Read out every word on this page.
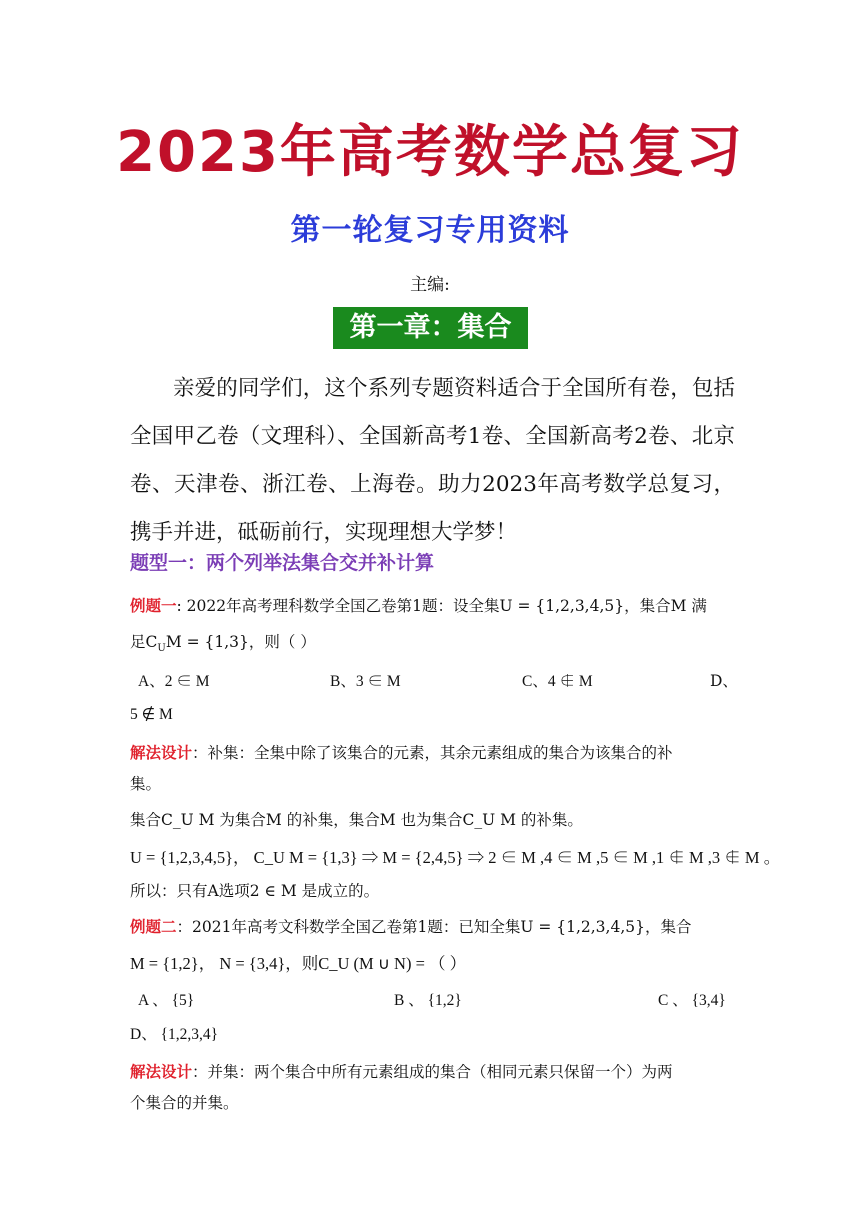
2023年高考数学总复习
第一轮复习专用资料
主编:
第一章：集合
亲爱的同学们，这个系列专题资料适合于全国所有卷，包括全国甲乙卷（文理科）、全国新高考1卷、全国新高考2卷、北京卷、天津卷、浙江卷、上海卷。助力2023年高考数学总复习，携手并进，砥砺前行，实现理想大学梦！
题型一：两个列举法集合交并补计算
例题一: 2022年高考理科数学全国乙卷第1题：设全集U = {1,2,3,4,5}，集合M 满
足$C_UM = \{1,3\}$，则（ ）
A、2 ∈ M	B、3 ∈ M	C、4 ∉ M	D、
5 ∉ M
解法设计：补集：全集中除了该集合的元素，其余元素组成的集合为该集合的补
集。
集合C_U M 为集合M 的补集，集合M 也为集合C_U M 的补集。
U = {1,2,3,4,5}， C_U M = {1,3} ⇒ M = {2,4,5} ⇒ 2 ∈ M ,4 ∈ M ,5 ∈ M ,1 ∉ M ,3 ∉ M 。
所以：只有A选项2 ∈ M 是成立的。
例题二：2021年高考文科数学全国乙卷第1题：已知全集U = {1,2,3,4,5}，集合
M = {1,2}， N = {3,4}，则C_U (M ∪ N) = （ ）
A 、 {5}	B 、 {1,2}	C 、 {3,4}
D、 {1,2,3,4}
解法设计：并集：两个集合中所有元素组成的集合（相同元素只保留一个）为两
个集合的并集。
